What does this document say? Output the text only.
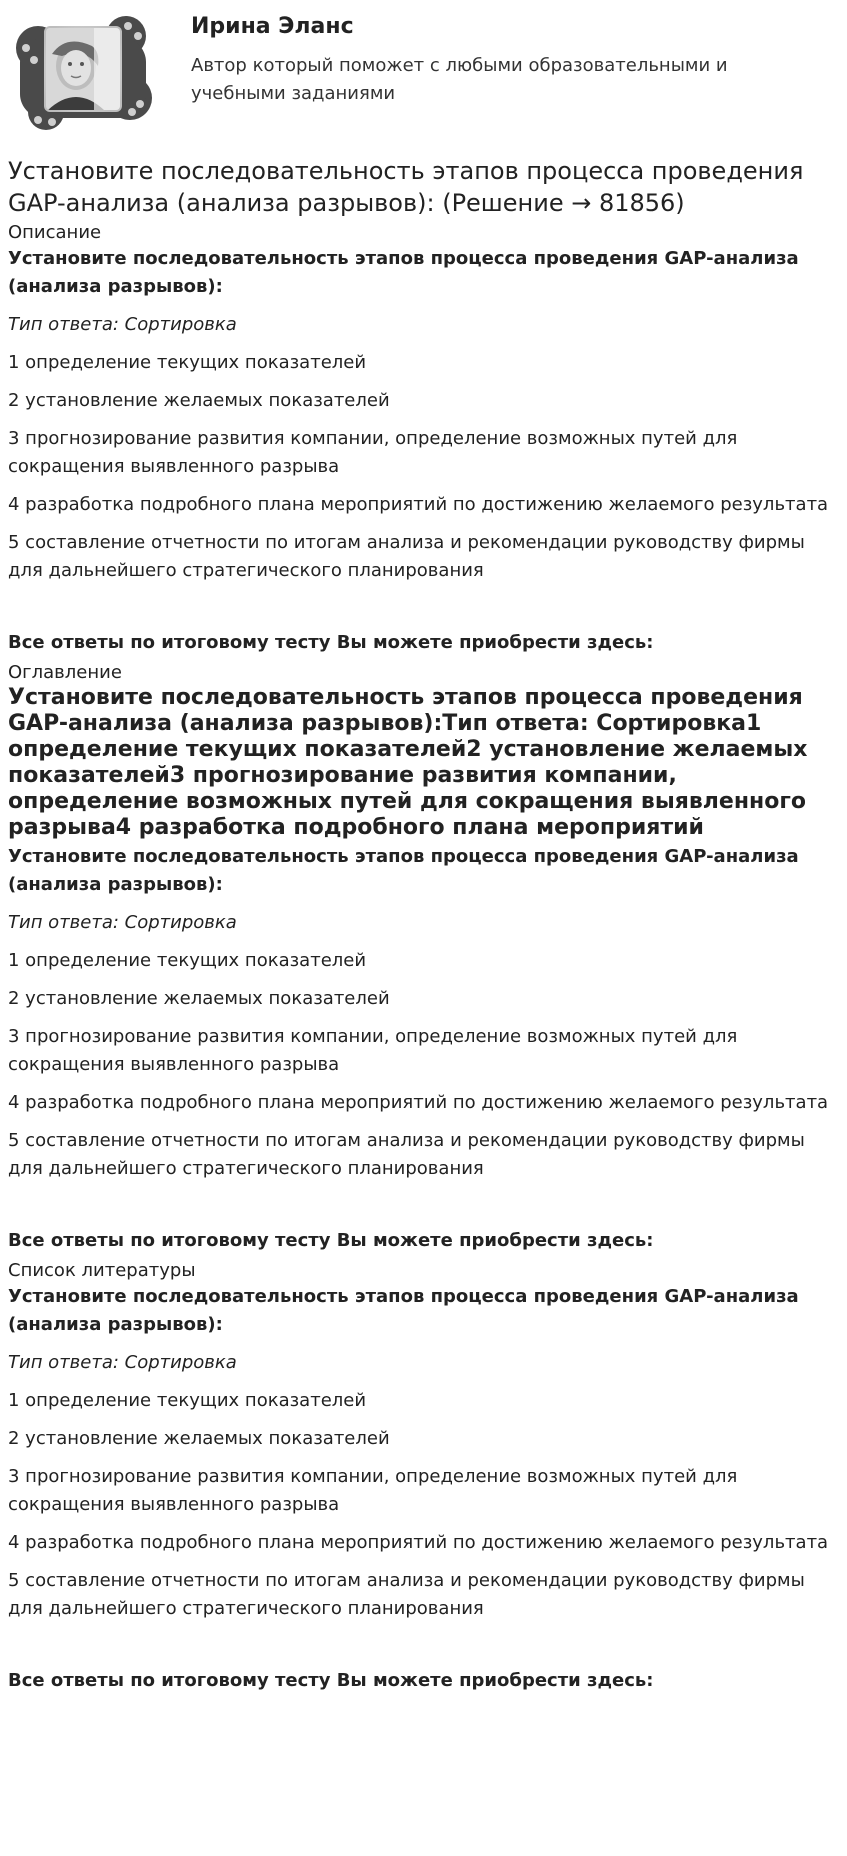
Ирина Эланс
Автор который поможет с любыми образовательными и учебными заданиями
Установите последовательность этапов процесса проведения GAP-анализа (анализа разрывов): (Решение → 81856)
Описание
Установите последовательность этапов процесса проведения GAP-анализа (анализа разрывов):
Тип ответа: Сортировка
1 определение текущих показателей
2 установление желаемых показателей
3 прогнозирование развития компании, определение возможных путей для сокращения выявленного разрыва
4 разработка подробного плана мероприятий по достижению желаемого результата
5 составление отчетности по итогам анализа и рекомендации руководству фирмы для дальнейшего стратегического планирования
Все ответы по итоговому тесту Вы можете приобрести здесь:
Оглавление
Установите последовательность этапов процесса проведения GAP-анализа (анализа разрывов):Тип ответа: Сортировка1 определение текущих показателей2 установление желаемых показателей3 прогнозирование развития компании, определение возможных путей для сокращения выявленного разрыва4 разработка подробного плана мероприятий
Установите последовательность этапов процесса проведения GAP-анализа (анализа разрывов):
Тип ответа: Сортировка
1 определение текущих показателей
2 установление желаемых показателей
3 прогнозирование развития компании, определение возможных путей для сокращения выявленного разрыва
4 разработка подробного плана мероприятий по достижению желаемого результата
5 составление отчетности по итогам анализа и рекомендации руководству фирмы для дальнейшего стратегического планирования
Все ответы по итоговому тесту Вы можете приобрести здесь:
Список литературы
Установите последовательность этапов процесса проведения GAP-анализа (анализа разрывов):
Тип ответа: Сортировка
1 определение текущих показателей
2 установление желаемых показателей
3 прогнозирование развития компании, определение возможных путей для сокращения выявленного разрыва
4 разработка подробного плана мероприятий по достижению желаемого результата
5 составление отчетности по итогам анализа и рекомендации руководству фирмы для дальнейшего стратегического планирования
Все ответы по итоговому тесту Вы можете приобрести здесь:
